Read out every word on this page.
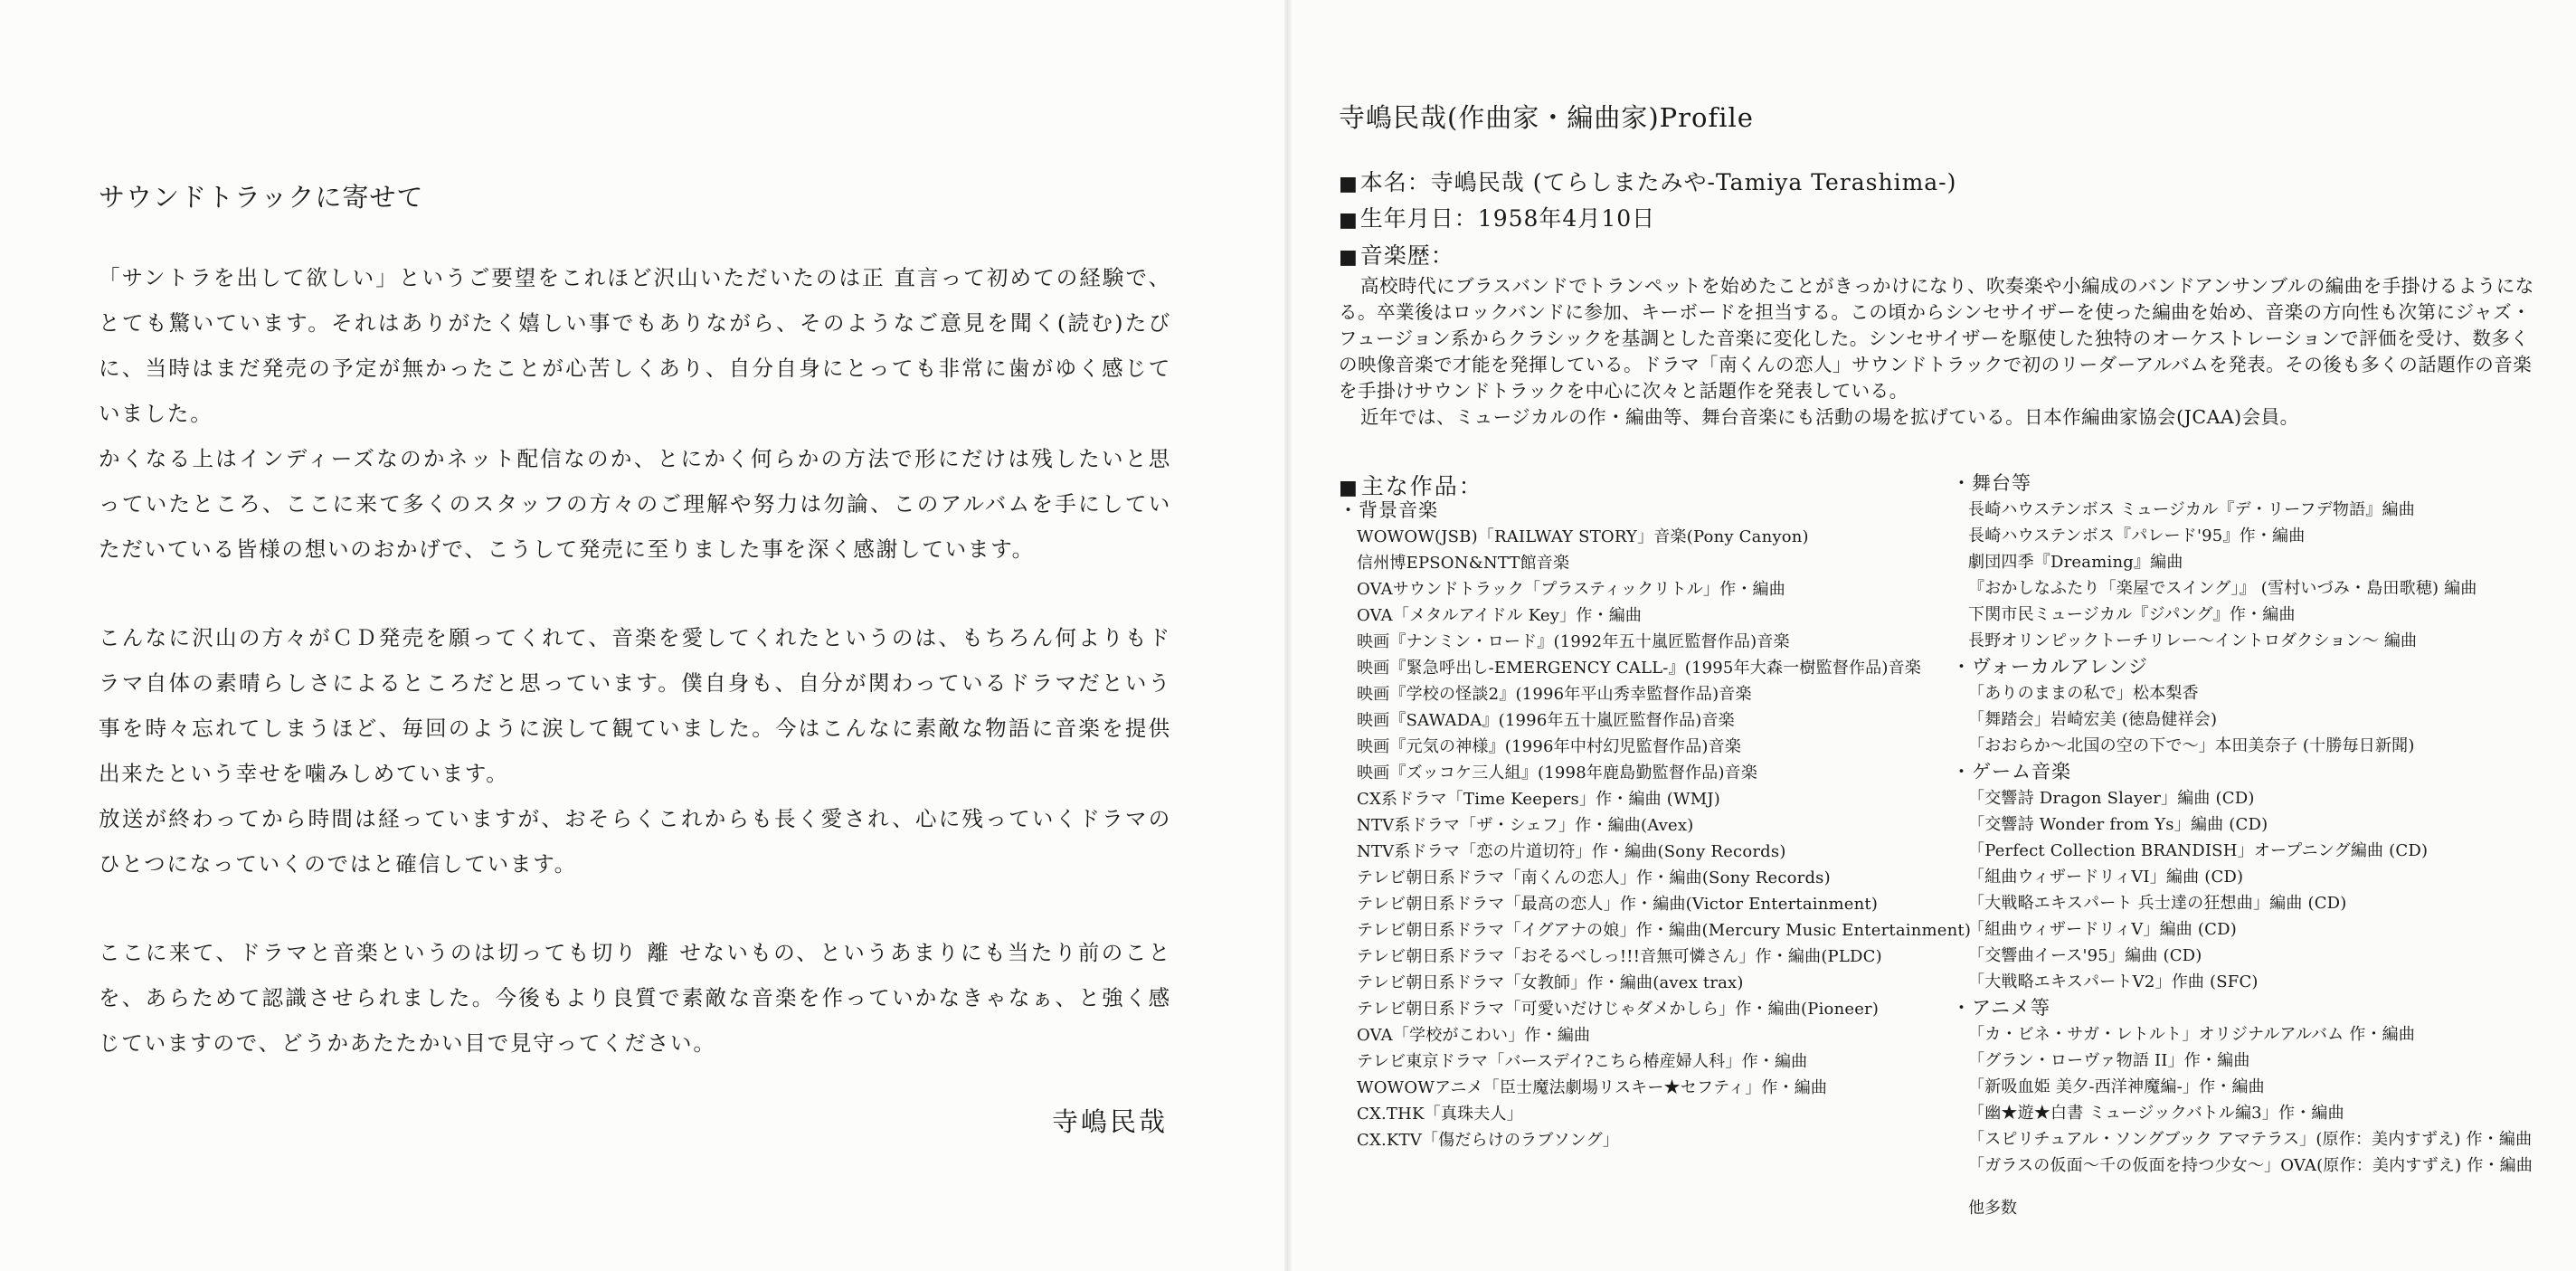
サウンドトラックに寄せて

「サントラを出して欲しい」というご要望をこれほど沢山いただいたのは正 直言って初めての経験で、とても驚いています。それはありがたく嬉しい事でもありながら、そのようなご意見を聞く(読む)たびに、当時はまだ発売の予定が無かったことが心苦しくあり、自分自身にとっても非常に歯がゆく感じていました。

かくなる上はインディーズなのかネット配信なのか、とにかく何らかの方法で形にだけは残したいと思っていたところ、ここに来て多くのスタッフの方々のご理解や努力は勿論、このアルバムを手にしていただいている皆様の想いのおかげで、こうして発売に至りました事を深く感謝しています。

こんなに沢山の方々がＣＤ発売を願ってくれて、音楽を愛してくれたというのは、もちろん何よりもドラマ自体の素晴らしさによるところだと思っています。僕自身も、自分が関わっているドラマだという事を時々忘れてしまうほど、毎回のように涙して観ていました。今はこんなに素敵な物語に音楽を提供出来たという幸せを噛みしめています。

放送が終わってから時間は経っていますが、おそらくこれからも長く愛され、心に残っていくドラマのひとつになっていくのではと確信しています。

ここに来て、ドラマと音楽というのは切っても切り 離 せないもの、というあまりにも当たり前のことを、あらためて認識させられました。今後もより良質で素敵な音楽を作っていかなきゃなぁ、と強く感じていますので、どうかあたたかい目で見守ってください。

寺嶋民哉
寺嶋民哉(作曲家・編曲家)Profile

■本名：寺嶋民哉 (てらしまたみや-Tamiya Terashima-)

■生年月日：1958年4月10日

■音楽歴：

高校時代にブラスバンドでトランペットを始めたことがきっかけになり、吹奏楽や小編成のバンドアンサンブルの編曲を手掛けるようになる。卒業後はロックバンドに参加、キーボードを担当する。この頃からシンセサイザーを使った編曲を始め、音楽の方向性も次第にジャズ・フュージョン系からクラシックを基調とした音楽に変化した。シンセサイザーを駆使した独特のオーケストレーションで評価を受け、数多くの映像音楽で才能を発揮している。ドラマ「南くんの恋人」サウンドトラックで初のリーダーアルバムを発表。その後も多くの話題作の音楽を手掛けサウンドトラックを中心に次々と話題作を発表している。

近年では、ミュージカルの作・編曲等、舞台音楽にも活動の場を拡げている。日本作編曲家協会(JCAA)会員。

■主な作品：

・背景音楽

WOWOW(JSB)「RAILWAY STORY」音楽(Pony Canyon)

信州博EPSON&NTT館音楽

OVAサウンドトラック「プラスティックリトル」作・編曲

OVA「メタルアイドル Key」作・編曲

映画『ナンミン・ロード』(1992年五十嵐匠監督作品)音楽

映画『緊急呼出し-EMERGENCY CALL-』(1995年大森一樹監督作品)音楽

映画『学校の怪談2』(1996年平山秀幸監督作品)音楽

映画『SAWADA』(1996年五十嵐匠監督作品)音楽

映画『元気の神様』(1996年中村幻児監督作品)音楽

映画『ズッコケ三人組』(1998年鹿島勤監督作品)音楽

CX系ドラマ「Time Keepers」作・編曲 (WMJ)

NTV系ドラマ「ザ・シェフ」作・編曲(Avex)

NTV系ドラマ「恋の片道切符」作・編曲(Sony Records)

テレビ朝日系ドラマ「南くんの恋人」作・編曲(Sony Records)

テレビ朝日系ドラマ「最高の恋人」作・編曲(Victor Entertainment)

テレビ朝日系ドラマ「イグアナの娘」作・編曲(Mercury Music Entertainment)

テレビ朝日系ドラマ「おそるべしっ!!!音無可憐さん」作・編曲(PLDC)

テレビ朝日系ドラマ「女教師」作・編曲(avex trax)

テレビ朝日系ドラマ「可愛いだけじゃダメかしら」作・編曲(Pioneer)

OVA「学校がこわい」作・編曲

テレビ東京ドラマ「バースデイ?こちら椿産婦人科」作・編曲

WOWOWアニメ「臣士魔法劇場リスキー★セフティ」作・編曲

CX.THK「真珠夫人」

CX.KTV「傷だらけのラブソング」

・舞台等

長崎ハウステンボス ミュージカル『デ・リーフデ物語』編曲

長崎ハウステンボス『パレード'95』作・編曲

劇団四季『Dreaming』編曲

『おかしなふたり「楽屋でスイング」』 (雪村いづみ・島田歌穂) 編曲

下関市民ミュージカル『ジパング』作・編曲

長野オリンピックトーチリレー～イントロダクション～ 編曲

・ヴォーカルアレンジ

「ありのままの私で」松本梨香

「舞踏会」岩崎宏美 (徳島健祥会)

「おおらか～北国の空の下で～」本田美奈子 (十勝毎日新聞)

・ゲーム音楽

「交響詩 Dragon Slayer」編曲 (CD)

「交響詩 Wonder from Ys」編曲 (CD)

「Perfect Collection BRANDISH」オープニング編曲 (CD)

「組曲ウィザードリィVI」編曲 (CD)

「大戦略エキスパート 兵士達の狂想曲」編曲 (CD)

「組曲ウィザードリィV」編曲 (CD)

「交響曲イース'95」編曲 (CD)

「大戦略エキスパートV2」作曲 (SFC)

・アニメ等

「カ・ビネ・サガ・レトルト」オリジナルアルバム 作・編曲

「グラン・ローヴァ物語 II」作・編曲

「新吸血姫 美夕-西洋神魔編-」作・編曲

「幽★遊★白書 ミュージックバトル編3」作・編曲

「スピリチュアル・ソングブック アマテラス」(原作：美内すずえ) 作・編曲

「ガラスの仮面～千の仮面を持つ少女～」OVA(原作：美内すずえ) 作・編曲

他多数
